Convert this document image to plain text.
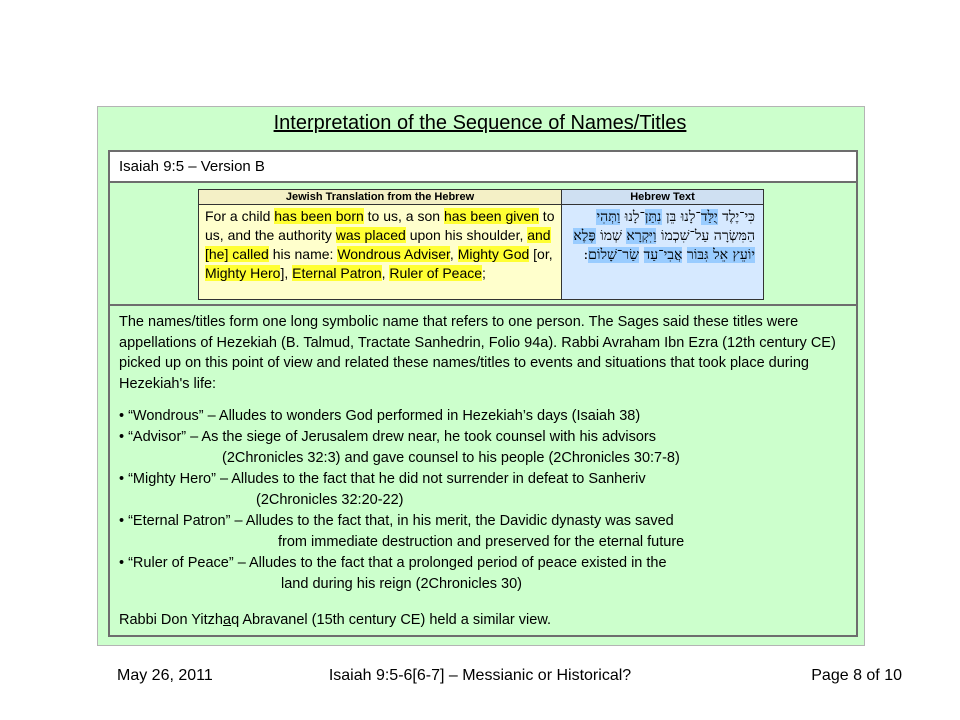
Interpretation of the Sequence of Names/Titles
Isaiah 9:5 – Version B
Jewish Translation from the Hebrew
For a child has been born to us, a son has been given to us, and the authority was placed upon his shoulder, and [he] called his name: Wondrous Adviser, Mighty God [or, Mighty Hero], Eternal Patron, Ruler of Peace;
Hebrew Text
כִּי־יֶלֶד יֻלַּד־לָנוּ בֵּן נִתַּן־לָנוּ וַתְּהִי הַמִּשְׂרָה עַל־שִׁכְמוֹ וַיִּקְרָא שְׁמוֹ פֶּלֶא יוֹעֵץ אֵל גִּבּוֹר אֲבִי־עַד שַׂר־שָׁלוֹם:
The names/titles form one long symbolic name that refers to one person. The Sages said these titles were appellations of Hezekiah (B. Talmud, Tractate Sanhedrin, Folio 94a). Rabbi Avraham Ibn Ezra (12th century CE) picked up on this point of view and related these names/titles to events and situations that took place during Hezekiah's life:
• “Wondrous” – Alludes to wonders God performed in Hezekiah’s days (Isaiah 38)
• “Advisor” – As the siege of Jerusalem drew near, he took counsel with his advisors
(2Chronicles 32:3) and gave counsel to his people (2Chronicles 30:7-8)
• “Mighty Hero” – Alludes to the fact that he did not surrender in defeat to Sanheriv
(2Chronicles 32:20-22)
• “Eternal Patron” – Alludes to the fact that, in his merit, the Davidic dynasty was saved
from immediate destruction and preserved for the eternal future
• “Ruler of Peace” – Alludes to the fact that a prolonged period of peace existed in the
land during his reign (2Chronicles 30)
Rabbi Don Yitzhaq Abravanel (15th century CE) held a similar view.
May 26, 2011	Isaiah 9:5-6[6-7] – Messianic or Historical?	Page 8 of 10
